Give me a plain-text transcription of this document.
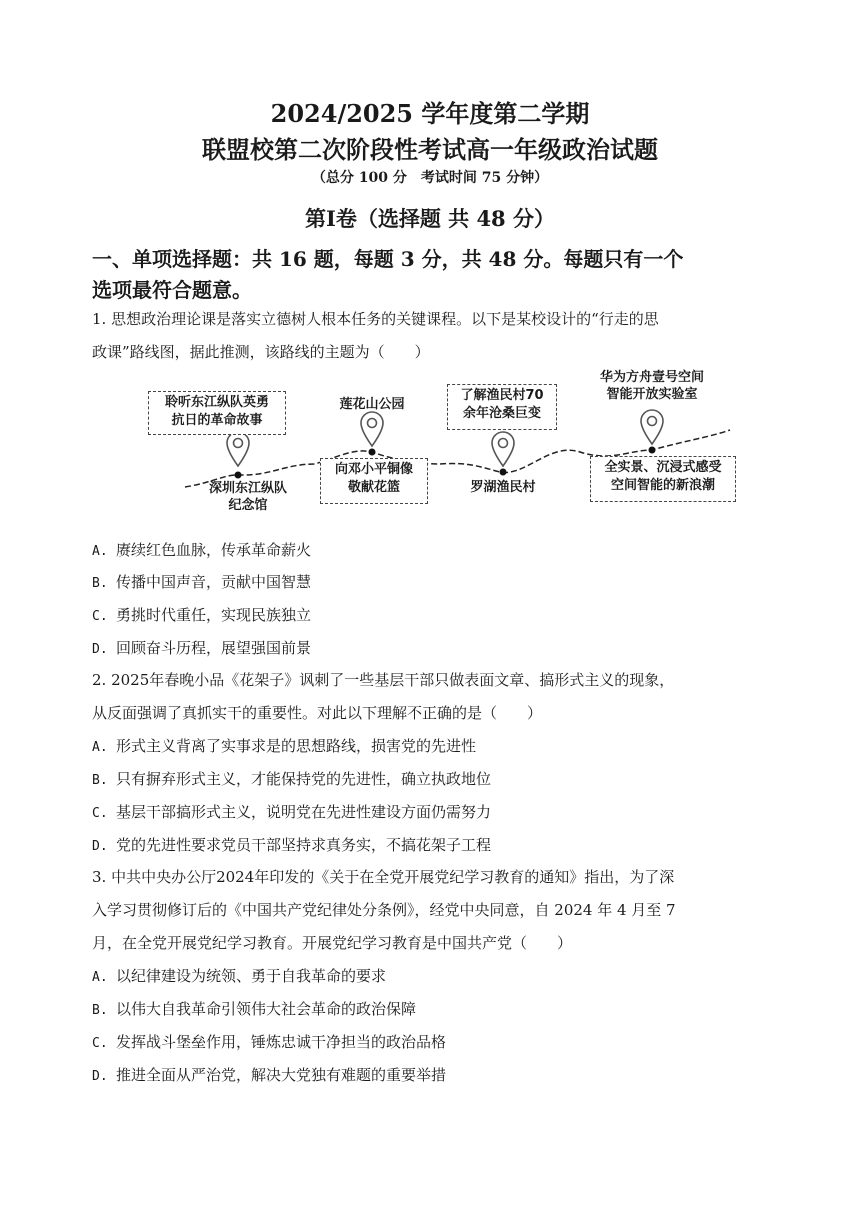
2024/2025 学年度第二学期
联盟校第二次阶段性考试高一年级政治试题
（总分 100 分　考试时间 75 分钟）
第Ⅰ卷（选择题 共 48 分）
一、单项选择题：共 16 题，每题 3 分，共 48 分。每题只有一个
选项最符合题意。
1. 思想政治理论课是落实立德树人根本任务的关键课程。以下是某校设计的“行走的思
政课”路线图，据此推测，该路线的主题为（　　）
聆听东江纵队英勇
抗日的革命故事
深圳东江纵队
纪念馆
莲花山公园
向邓小平铜像
敬献花篮
了解渔民村70
余年沧桑巨变
罗湖渔民村
华为方舟壹号空间
智能开放实验室
全实景、沉浸式感受
空间智能的新浪潮
A. 赓续红色血脉，传承革命薪火
B. 传播中国声音，贡献中国智慧
C. 勇挑时代重任，实现民族独立
D. 回顾奋斗历程，展望强国前景
2. 2025年春晚小品《花架子》讽刺了一些基层干部只做表面文章、搞形式主义的现象，
从反面强调了真抓实干的重要性。对此以下理解不正确的是（　　）
A. 形式主义背离了实事求是的思想路线，损害党的先进性
B. 只有摒弃形式主义，才能保持党的先进性，确立执政地位
C. 基层干部搞形式主义，说明党在先进性建设方面仍需努力
D. 党的先进性要求党员干部坚持求真务实，不搞花架子工程
3. 中共中央办公厅2024年印发的《关于在全党开展党纪学习教育的通知》指出，为了深
入学习贯彻修订后的《中国共产党纪律处分条例》，经党中央同意，自 2024 年 4 月至 7
月，在全党开展党纪学习教育。开展党纪学习教育是中国共产党（　　）
A. 以纪律建设为统领、勇于自我革命的要求
B. 以伟大自我革命引领伟大社会革命的政治保障
C. 发挥战斗堡垒作用，锤炼忠诚干净担当的政治品格
D. 推进全面从严治党，解决大党独有难题的重要举措
